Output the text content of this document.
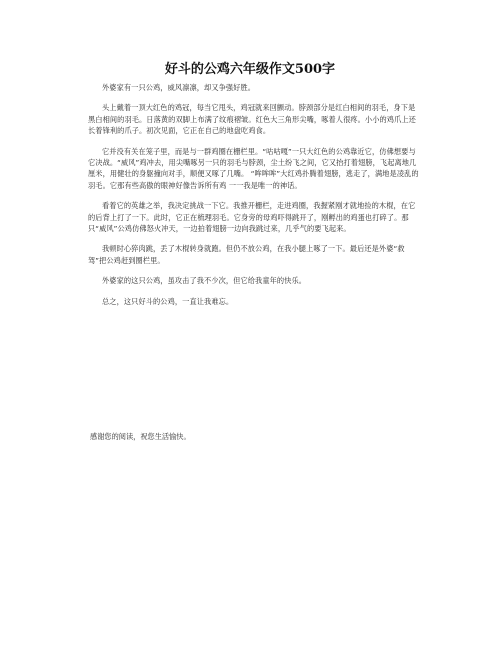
好斗的公鸡六年级作文500字

外婆家有一只公鸡，威风凛凛，却又争强好胜。

头上戴着一顶大红色的鸡冠，每当它甩头，鸡冠就来回颤动。脖颈部分是红白相间的羽毛，身下是黑白相间的羽毛。日落黄的双脚上布满了纹痕褶皱。红色大三角形尖嘴，啄着人很疼。小小的鸡爪上还长着锋利的爪子。初次见面，它正在自己的地盘吃鸡食。

它并没有关在笼子里，而是与一群鸡圈在栅栏里。“咕咕嘎”一只大红色的公鸡靠近它，仿佛想要与它决战。“威风”鸡冲去，用尖嘴啄另一只的羽毛与脖颈，尘土纷飞之间，它又抬打着翅膀，飞起离地几厘米，用健壮的身躯撞向对手，顺便又啄了几嘴。 “哞哞哞”大红鸡扑腾着翅膀，逃走了，满地是凌乱的羽毛。它那有些高傲的眼神好像告诉所有鸡 一一我是唯一的神话。

看着它的英雄之举，我决定挑战一下它。我推开栅栏，走进鸡圈，我握紧刚才就地捡的木棍，在它的后背上打了一下。此时，它正在梳理羽毛。它身旁的母鸡吓得跳开了，刚孵出的鸡蛋也打碎了。那只“威风”公鸡仿佛怒火冲天，一边拍着翅膀一边向我跳过来，几乎气的要飞起来。

我顿时心猝肉跳，丢了木棍转身就跑。但仍不放公鸡，在我小腿上啄了一下。最后还是外婆“救驾”把公鸡赶到圈栏里。

外婆家的这只公鸡，虽攻击了我不少次，但它给我童年的快乐。

总之，这只好斗的公鸡，一直让我难忘。

感谢您的阅读，祝您生活愉快。
